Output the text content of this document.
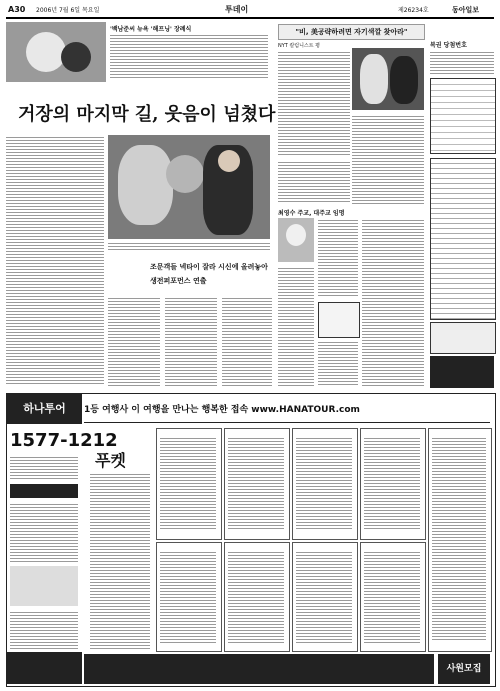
A30 2006년 7월 6일 목요일	투데이	제26234호	동아일보
'백남준씨 뉴욕 '해프닝' 장례식
거장의 마지막 길, 웃음이 넘쳤다
조문객들 넥타이 잘라 시신에 올려놓아
생전퍼포먼스 연출
"비, 美공략하려면 자기색깔 찾아라"
NYT 칼럼니스트 평
최영수 주교, 대주교 임명
복권 당첨번호
하나투어	1등 여행사 이 여행을 만나는 행복한 접속 www.HANATOUR.com
1577-1212
푸켓
사원모집
